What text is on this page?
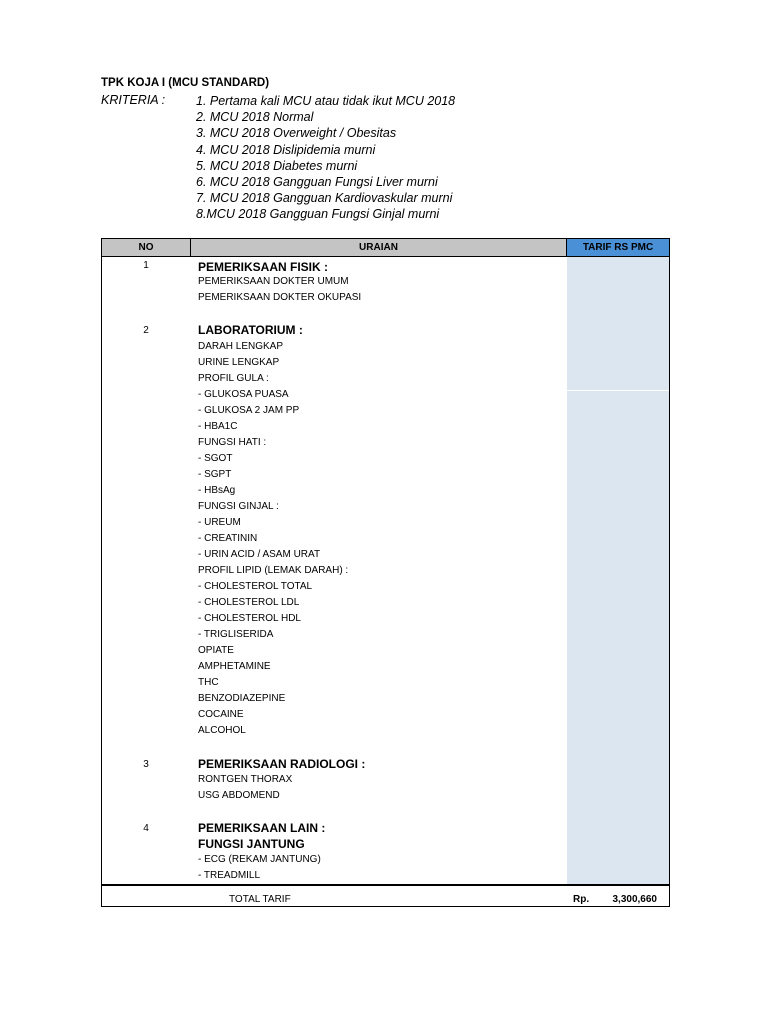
TPK KOJA I (MCU STANDARD)
KRITERIA : 1. Pertama kali MCU atau tidak ikut MCU 2018
2. MCU 2018 Normal
3. MCU 2018 Overweight / Obesitas
4. MCU 2018 Dislipidemia murni
5. MCU 2018 Diabetes murni
6. MCU 2018 Gangguan Fungsi Liver murni
7. MCU 2018 Gangguan Kardiovaskular murni
8.MCU 2018 Gangguan Fungsi Ginjal murni
NO	URAIAN	TARIF RS PMC
1	PEMERIKSAAN FISIK :
PEMERIKSAAN DOKTER UMUM
PEMERIKSAAN DOKTER OKUPASI
2	LABORATORIUM :
DARAH LENGKAP
URINE LENGKAP
PROFIL GULA :
- GLUKOSA PUASA
- GLUKOSA 2 JAM PP
- HBA1C
FUNGSI HATI :
- SGOT
- SGPT
- HBsAg
FUNGSI GINJAL :
- UREUM
- CREATININ
- URIN ACID / ASAM URAT
PROFIL LIPID (LEMAK DARAH) :
- CHOLESTEROL TOTAL
- CHOLESTEROL LDL
- CHOLESTEROL HDL
- TRIGLISERIDA
OPIATE
AMPHETAMINE
THC
BENZODIAZEPINE
COCAINE
ALCOHOL
3	PEMERIKSAAN RADIOLOGI :
RONTGEN THORAX
USG ABDOMEND
4	PEMERIKSAAN LAIN :
FUNGSI JANTUNG
- ECG (REKAM JANTUNG)
- TREADMILL
TOTAL TARIF	Rp. 3,300,660
